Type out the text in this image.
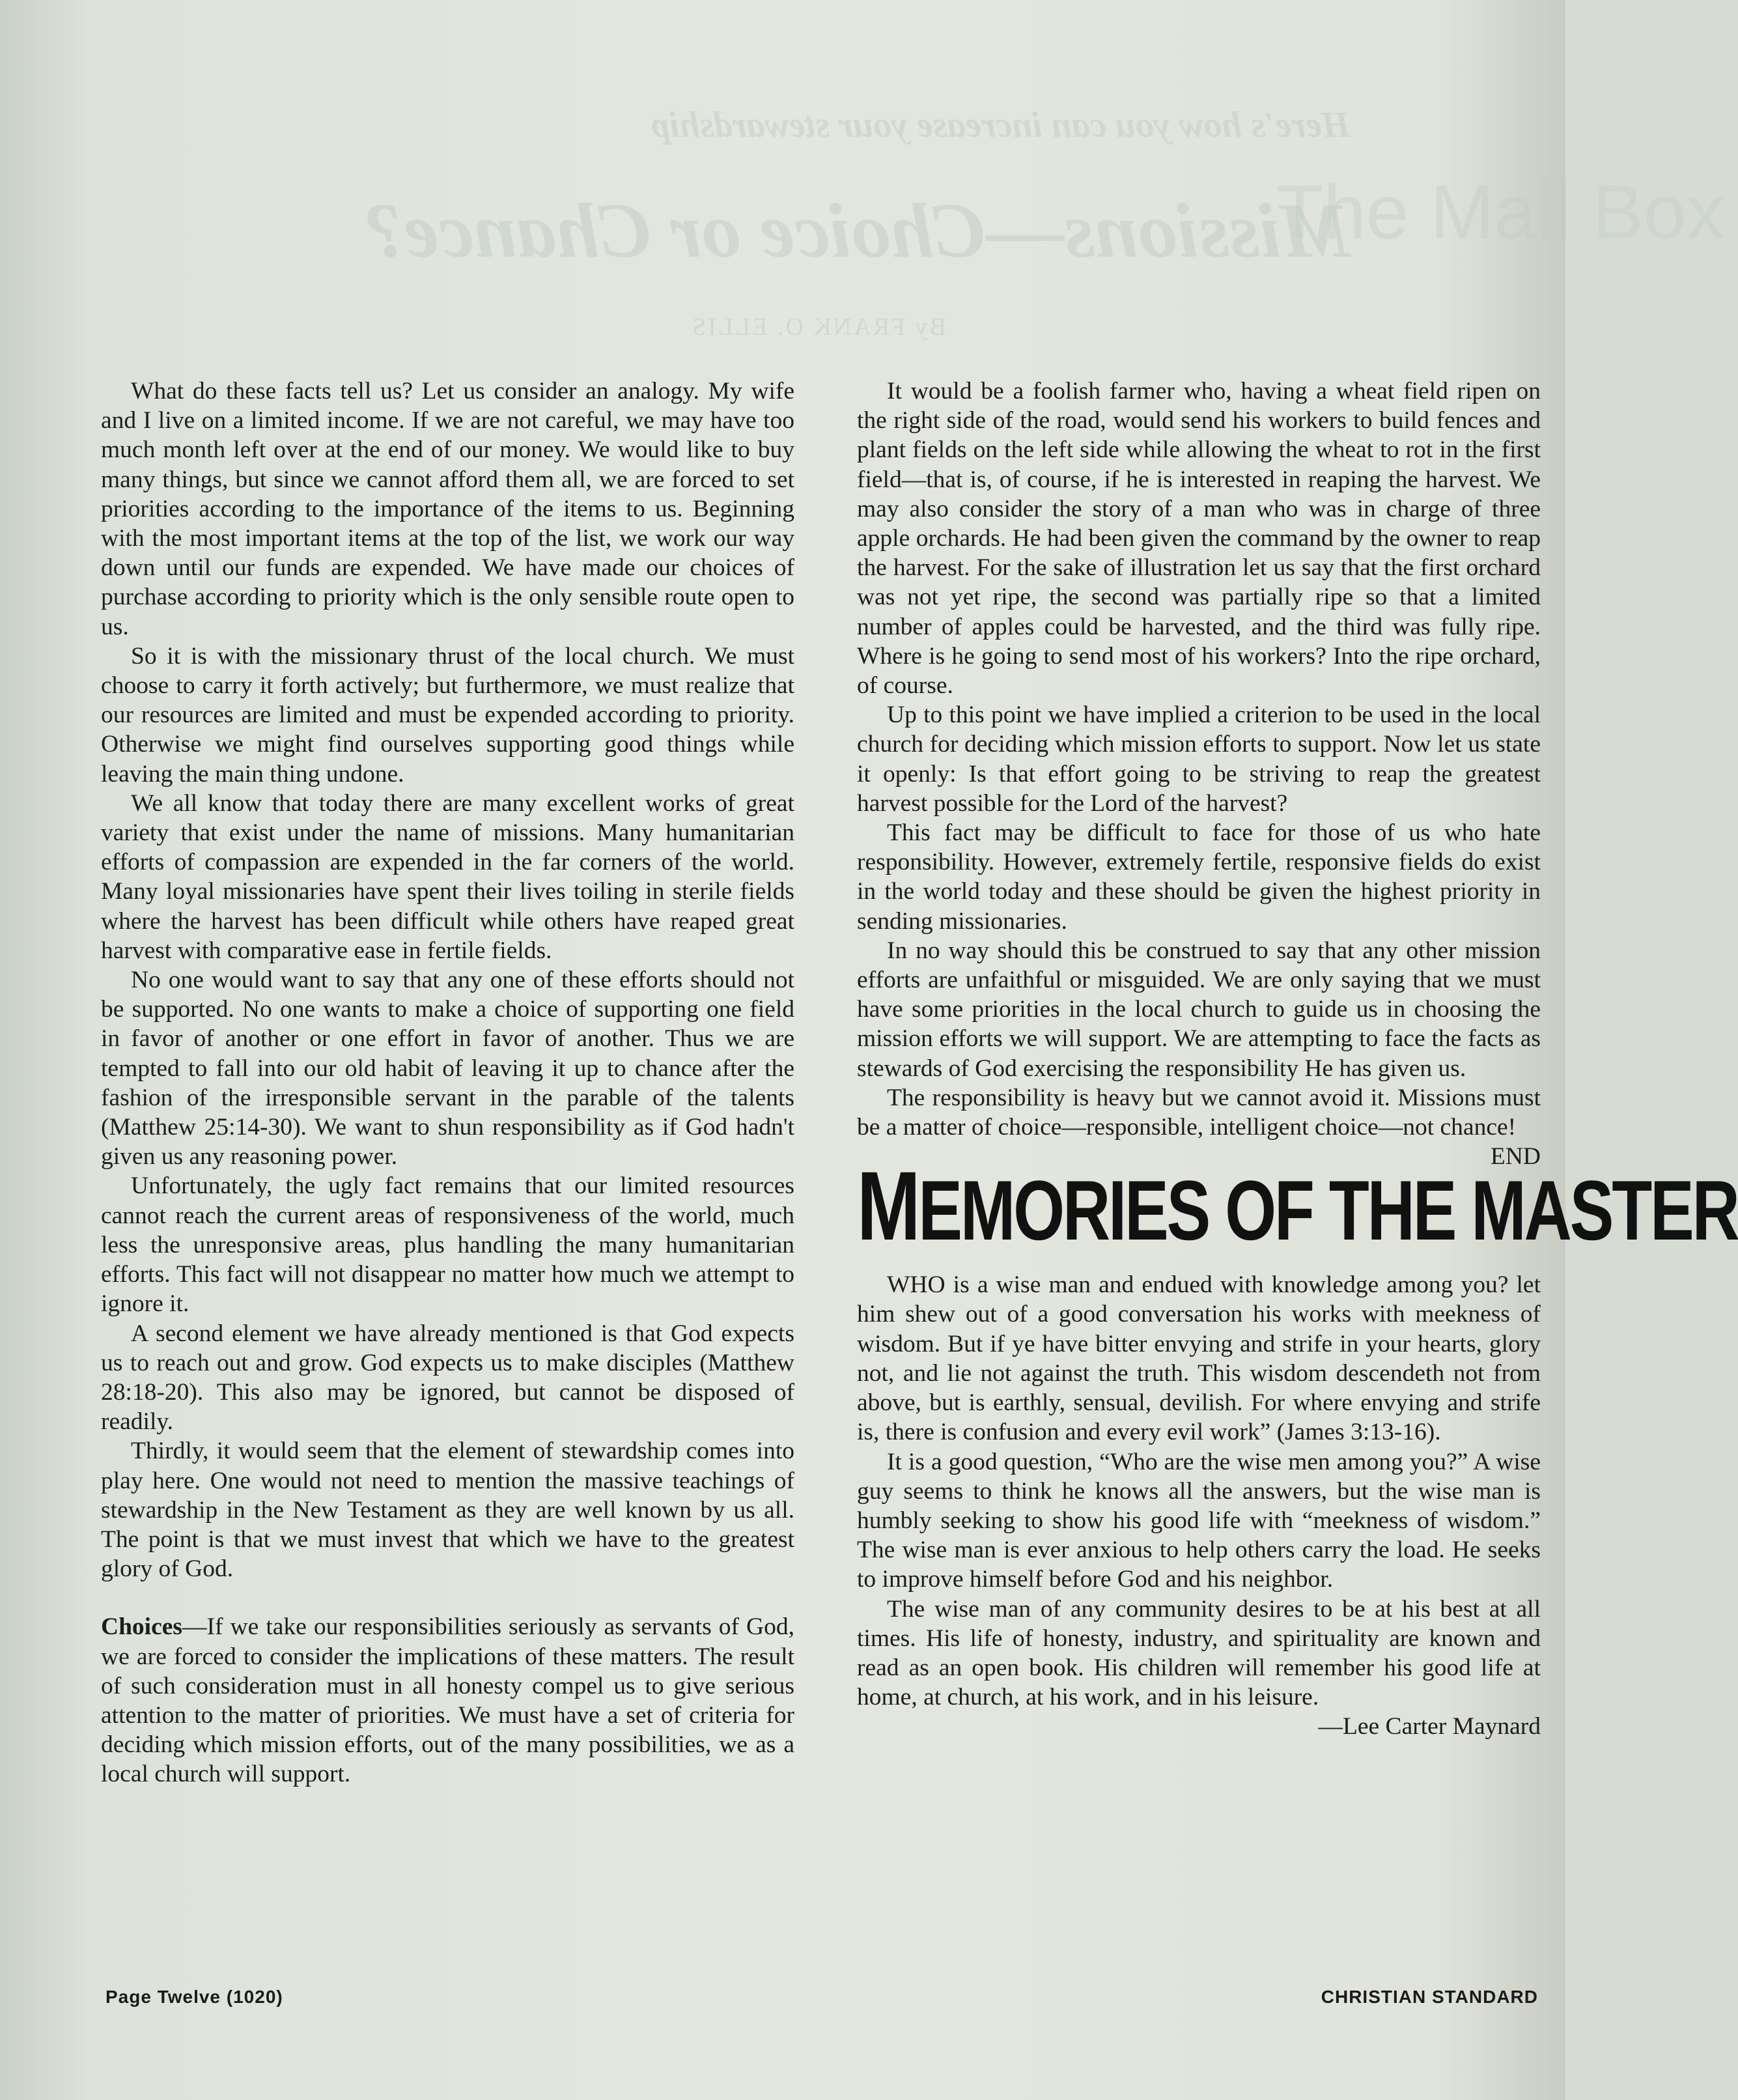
Here's how you can increase your stewardship
Missions—Choice or Chance?
By FRANK O. ELLIS
The Mail Box

What do these facts tell us? Let us consider an analogy. My wife and I live on a limited income. If we are not careful, we may have too much month left over at the end of our money. We would like to buy many things, but since we cannot afford them all, we are forced to set priorities according to the importance of the items to us. Beginning with the most important items at the top of the list, we work our way down until our funds are expended. We have made our choices of purchase according to priority which is the only sensible route open to us.

So it is with the missionary thrust of the local church. We must choose to carry it forth actively; but furthermore, we must realize that our resources are limited and must be expended according to priority. Otherwise we might find ourselves supporting good things while leaving the main thing undone.

We all know that today there are many excellent works of great variety that exist under the name of missions. Many humanitarian efforts of compassion are expended in the far corners of the world. Many loyal missionaries have spent their lives toiling in sterile fields where the harvest has been difficult while others have reaped great harvest with comparative ease in fertile fields.

No one would want to say that any one of these efforts should not be supported. No one wants to make a choice of supporting one field in favor of another or one effort in favor of another. Thus we are tempted to fall into our old habit of leaving it up to chance after the fashion of the irresponsible servant in the parable of the talents (Matthew 25:14-30). We want to shun responsibility as if God hadn't given us any reasoning power.

Unfortunately, the ugly fact remains that our limited resources cannot reach the current areas of responsiveness of the world, much less the unresponsive areas, plus handling the many humanitarian efforts. This fact will not disappear no matter how much we attempt to ignore it.

A second element we have already mentioned is that God expects us to reach out and grow. God expects us to make disciples (Matthew 28:18-20). This also may be ignored, but cannot be disposed of readily.

Thirdly, it would seem that the element of stewardship comes into play here. One would not need to mention the massive teachings of stewardship in the New Testament as they are well known by us all. The point is that we must invest that which we have to the greatest glory of God.

Choices—If we take our responsibilities seriously as servants of God, we are forced to consider the implications of these matters. The result of such consideration must in all honesty compel us to give serious attention to the matter of priorities. We must have a set of criteria for deciding which mission efforts, out of the many possibilities, we as a local church will support.

It would be a foolish farmer who, having a wheat field ripen on the right side of the road, would send his workers to build fences and plant fields on the left side while allowing the wheat to rot in the first field—that is, of course, if he is interested in reaping the harvest. We may also consider the story of a man who was in charge of three apple orchards. He had been given the command by the owner to reap the harvest. For the sake of illustration let us say that the first orchard was not yet ripe, the second was partially ripe so that a limited number of apples could be harvested, and the third was fully ripe. Where is he going to send most of his workers? Into the ripe orchard, of course.

Up to this point we have implied a criterion to be used in the local church for deciding which mission efforts to support. Now let us state it openly: Is that effort going to be striving to reap the greatest harvest possible for the Lord of the harvest?

This fact may be difficult to face for those of us who hate responsibility. However, extremely fertile, responsive fields do exist in the world today and these should be given the highest priority in sending missionaries.

In no way should this be construed to say that any other mission efforts are unfaithful or misguided. We are only saying that we must have some priorities in the local church to guide us in choosing the mission efforts we will support. We are attempting to face the facts as stewards of God exercising the responsibility He has given us.

The responsibility is heavy but we cannot avoid it. Missions must be a matter of choice—responsible, intelligent choice—not chance!
END

MEMORIES OF THE MASTER

WHO is a wise man and endued with knowledge among you? let him shew out of a good conversation his works with meekness of wisdom. But if ye have bitter envying and strife in your hearts, glory not, and lie not against the truth. This wisdom descendeth not from above, but is earthly, sensual, devilish. For where envying and strife is, there is confusion and every evil work” (James 3:13-16).

It is a good question, “Who are the wise men among you?” A wise guy seems to think he knows all the answers, but the wise man is humbly seeking to show his good life with “meekness of wisdom.” The wise man is ever anxious to help others carry the load. He seeks to improve himself before God and his neighbor.

The wise man of any community desires to be at his best at all times. His life of honesty, industry, and spirituality are known and read as an open book. His children will remember his good life at home, at church, at his work, and in his leisure.
—Lee Carter Maynard

Page Twelve (1020)	CHRISTIAN STANDARD
